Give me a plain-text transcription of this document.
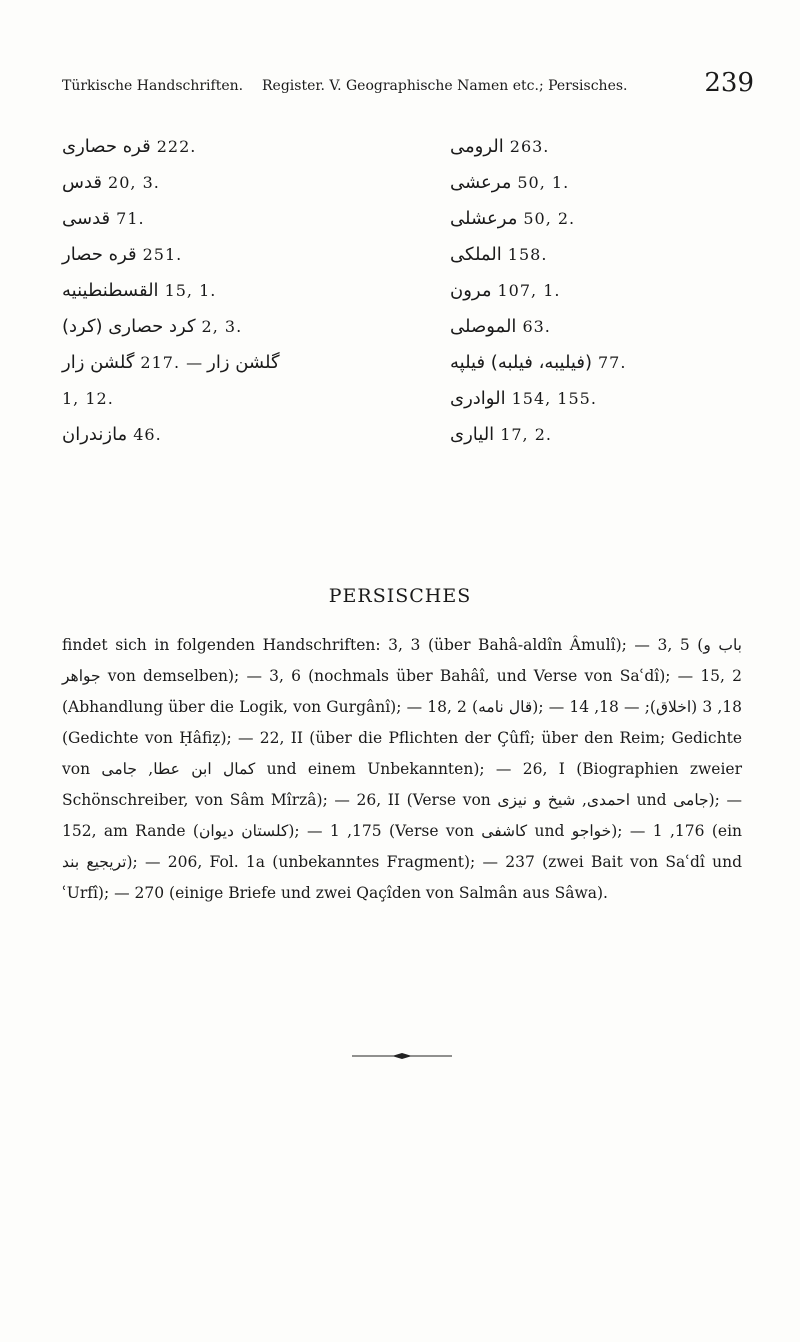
Türkische Handschriften. Register. V. Geographische Namen etc.; Persisches.	239
قره حصاری 222.
قدس 20, 3.
قدسی 71.
قره حصار 251.
القسطنطینیه 15, 1.
کرد حصاری (کرد) 2, 3.
گلشن زار 217. — گلشن زار
1, 12.
مازندران 46.
الرومی 263.
مرعشی 50, 1.
مرعشلی 50, 2.
الملکی 158.
مرون 107, 1.
الموصلی 63.
(فیلیبه، فیلبه) فیلپه 77.
الوادری 154, 155.
الیاری 17, 2.
PERSISCHES

findet sich in folgenden Handschriften: 3, 3 (über Bahâ-aldîn Âmulî); — 3, 5 (باب و جواهر von demselben); — 3, 6 (nochmals über Bahâî, und Verse von Saʿdî); — 15, 2 (Abhandlung über die Logik, von Gurgânî); — 18, 2 (قال نامه); — 18, 3 (اخلاق); — 18, 14 (Gedichte von Ḥâfiẓ); — 22, II (über die Pflichten der Çûfî; über den Reim; Gedichte von کمال ابن عطا, جامی und einem Unbekannten); — 26, I (Biographien zweier Schönschreiber, von Sâm Mîrzâ); — 26, II (Verse von احمدی, شیخ و نیزی und جامی); — 152, am Rande (کلستان دیوان); — 175, 1 (Verse von کاشفی und خواجو); — 176, 1 (ein تریجیع بند); — 206, Fol. 1a (unbekanntes Fragment); — 237 (zwei Bait von Saʿdî und ʿUrfî); — 270 (einige Briefe und zwei Qaçîden von Salmân aus Sâwa).
